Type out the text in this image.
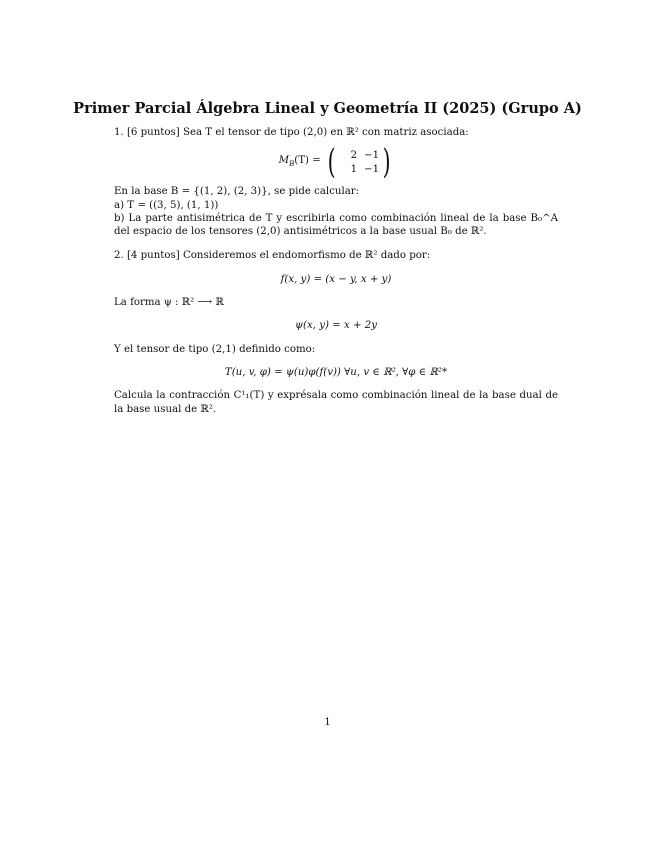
Primer Parcial Álgebra Lineal y Geometría II (2025) (Grupo A)

1. [6 puntos] Sea T el tensor de tipo (2,0) en ℝ² con matriz asociada:

$M_B(T)$ = (	2 −1
1 −1 )

En la base B = {(1, 2), (2, 3)}, se pide calcular:

a) T = ((3, 5), (1, 1))

b) La parte antisimétrica de T y escribirla como combinación lineal de la base B₀^A del espacio de los tensores (2,0) antisimétricos a la base usual B₀ de ℝ².

2. [4 puntos] Consideremos el endomorfismo de ℝ² dado por:

f(x, y) = (x − y, x + y)

La forma ψ : ℝ² ⟶ ℝ

ψ(x, y) = x + 2y

Y el tensor de tipo (2,1) definido como:

T(u, v, φ) = ψ(u)φ(f(v)) ∀u, v ∈ ℝ², ∀φ ∈ ℝ²*

Calcula la contracción C¹₁(T) y exprésala como combinación lineal de la base dual de la base usual de ℝ².

1
